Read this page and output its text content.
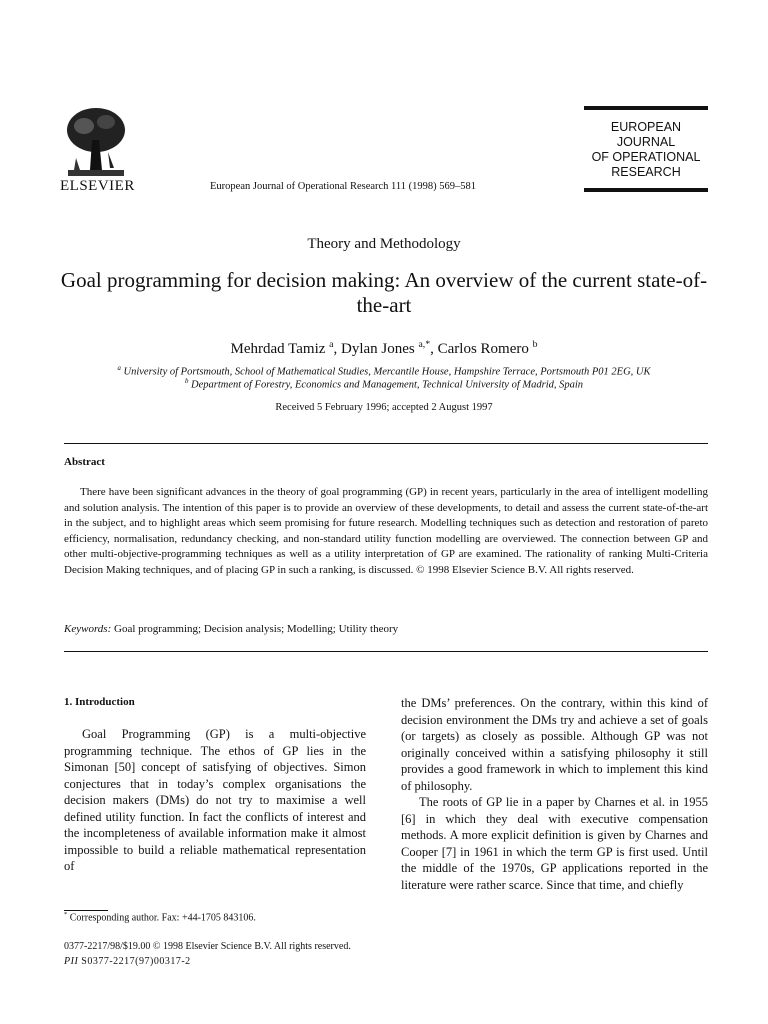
ELSEVIER	European Journal of Operational Research 111 (1998) 569–581
EUROPEAN
JOURNAL
OF OPERATIONAL
RESEARCH
Theory and Methodology
Goal programming for decision making: An overview of the current state-of-the-art
Mehrdad Tamiz $^a$, Dylan Jones $^{a,*}$, Carlos Romero $^b$
$^a$ University of Portsmouth, School of Mathematical Studies, Mercantile House, Hampshire Terrace, Portsmouth P01 2EG, UK
$^b$ Department of Forestry, Economics and Management, Technical University of Madrid, Spain
Received 5 February 1996; accepted 2 August 1997
Abstract
There have been significant advances in the theory of goal programming (GP) in recent years, particularly in the area of intelligent modelling and solution analysis. The intention of this paper is to provide an overview of these developments, to detail and assess the current state-of-the-art in the subject, and to highlight areas which seem promising for future research. Modelling techniques such as detection and restoration of pareto efficiency, normalisation, redundancy checking, and non-standard utility function modelling are overviewed. The connection between GP and other multi-objective-programming techniques as well as a utility interpretation of GP are examined. The rationality of ranking Multi-Criteria Decision Making techniques, and of placing GP in such a ranking, is discussed. © 1998 Elsevier Science B.V. All rights reserved.
Keywords: Goal programming; Decision analysis; Modelling; Utility theory
1. Introduction

Goal Programming (GP) is a multi-objective programming technique. The ethos of GP lies in the Simonan [50] concept of satisfying of objectives. Simon conjectures that in today’s complex organisations the decision makers (DMs) do not try to maximise a well defined utility function. In fact the conflicts of interest and the incompleteness of available information make it almost impossible to build a reliable mathematical representation of

the DMs’ preferences. On the contrary, within this kind of decision environment the DMs try and achieve a set of goals (or targets) as closely as possible. Although GP was not originally conceived within a satisfying philosophy it still provides a good framework in which to implement this kind of philosophy.

The roots of GP lie in a paper by Charnes et al. in 1955 [6] in which they deal with executive compensation methods. A more explicit definition is given by Charnes and Cooper [7] in 1961 in which the term GP is first used. Until the middle of the 1970s, GP applications reported in the literature were rather scarce. Since that time, and chiefly

* Corresponding author. Fax: +44-1705 843106.
0377-2217/98/$19.00 © 1998 Elsevier Science B.V. All rights reserved.
PII S0377-2217(97)00317-2
